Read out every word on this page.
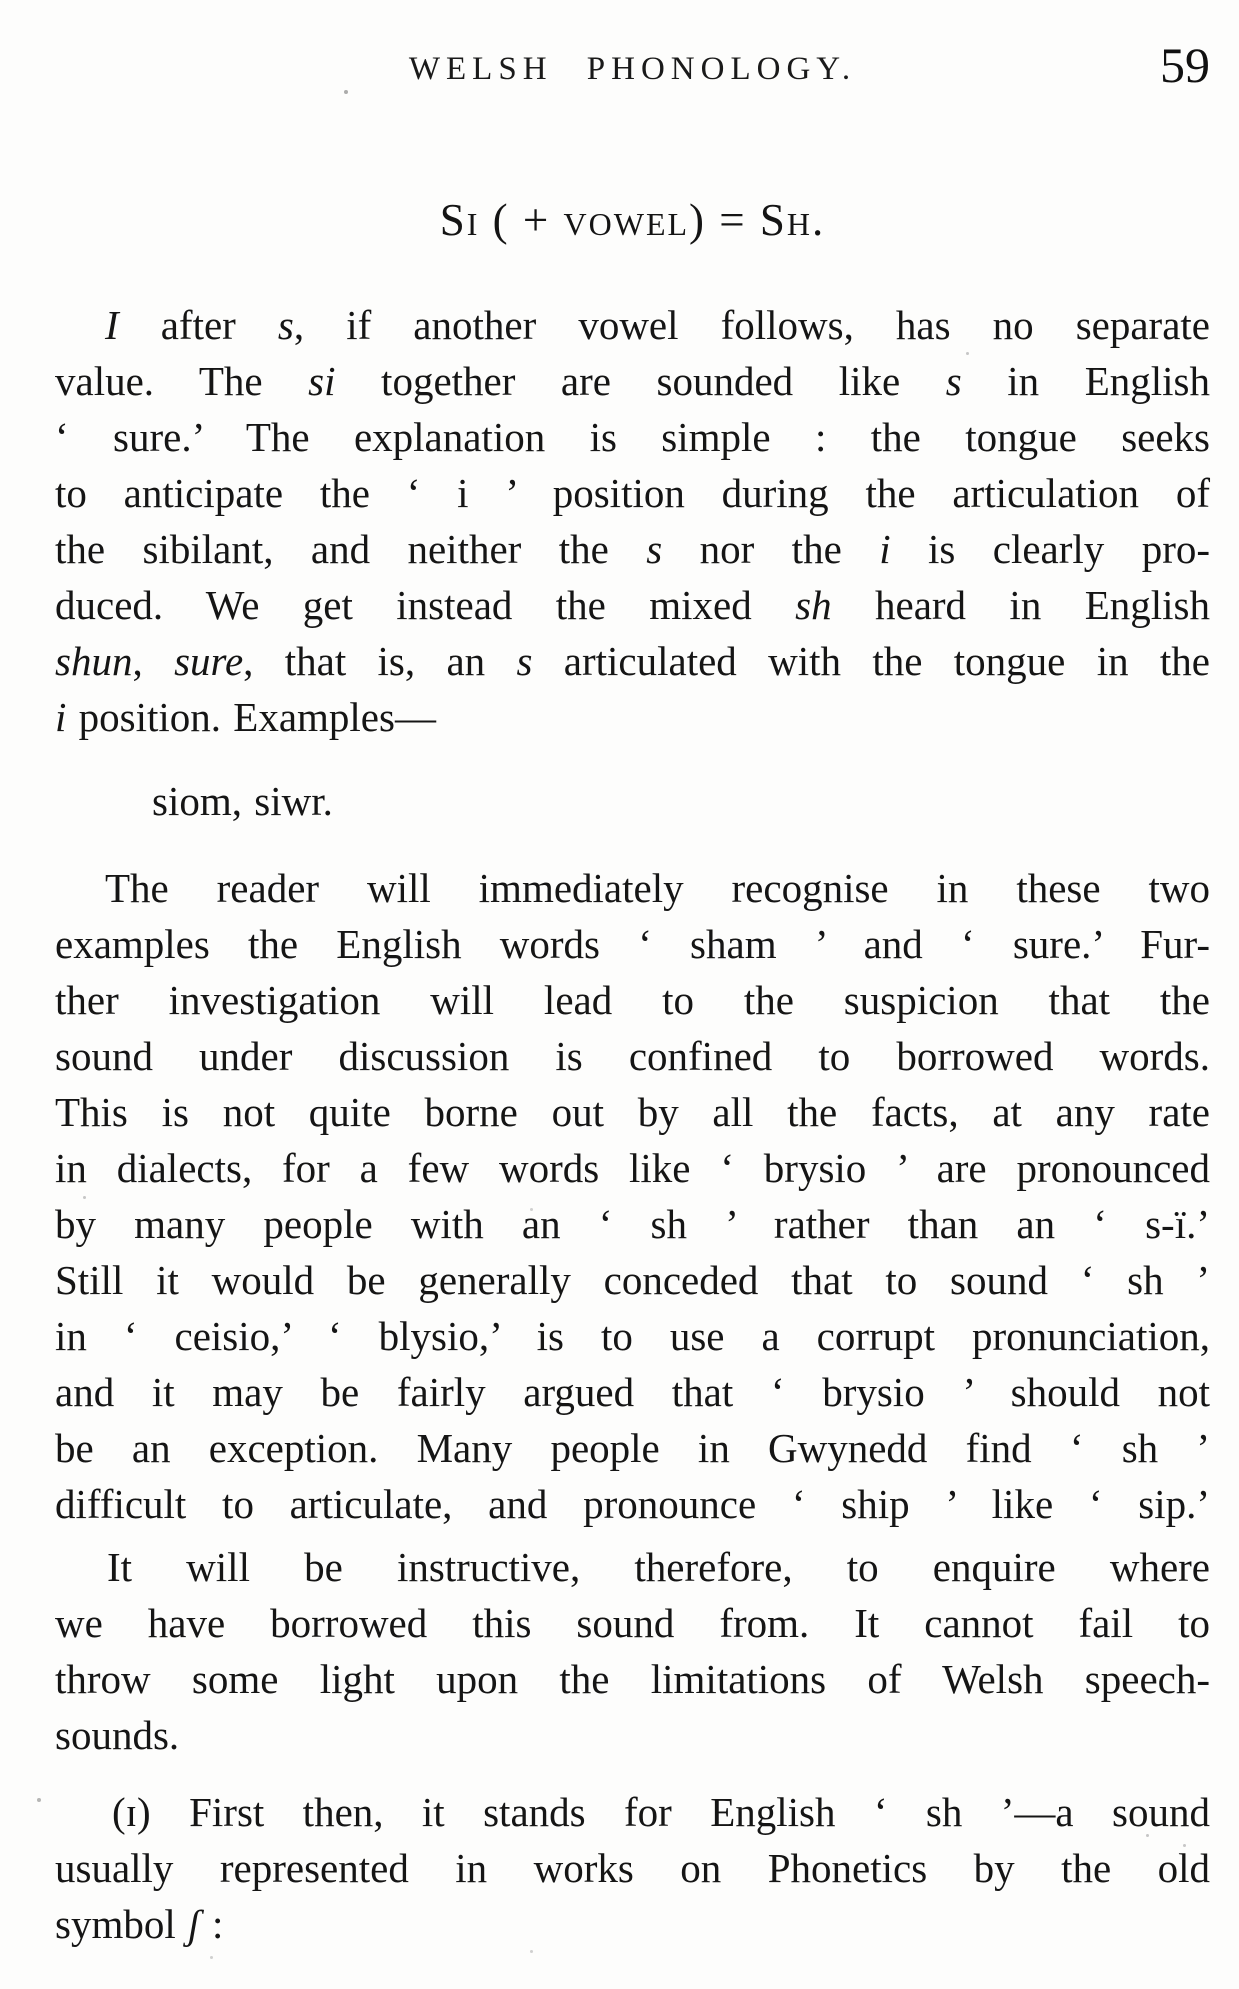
WELSH PHONOLOGY.	59
Si ( + vowel) = Sh.
I after s, if another vowel follows, has no separate
value. The si together are sounded like s in English
‘ sure.’ The explanation is simple : the tongue seeks
to anticipate the ‘ i ’ position during the articulation of
the sibilant, and neither the s nor the i is clearly pro-
duced. We get instead the mixed sh heard in English
shun, sure, that is, an s articulated with the tongue in the
i position. Examples—
siom, siwr.
The reader will immediately recognise in these two
examples the English words ‘ sham ’ and ‘ sure.’ Fur-
ther investigation will lead to the suspicion that the
sound under discussion is confined to borrowed words.
This is not quite borne out by all the facts, at any rate
in dialects, for a few words like ‘ brysio ’ are pronounced
by many people with an ‘ sh ’ rather than an ‘ s-ï.’
Still it would be generally conceded that to sound ‘ sh ’
in ‘ ceisio,’ ‘ blysio,’ is to use a corrupt pronunciation,
and it may be fairly argued that ‘ brysio ’ should not
be an exception. Many people in Gwynedd find ‘ sh ’
difficult to articulate, and pronounce ‘ ship ’ like ‘ sip.’
It will be instructive, therefore, to enquire where
we have borrowed this sound from. It cannot fail to
throw some light upon the limitations of Welsh speech-
sounds.
(ɪ) First then, it stands for English ‘ sh ’—a sound
usually represented in works on Phonetics by the old
symbol ʃ :
